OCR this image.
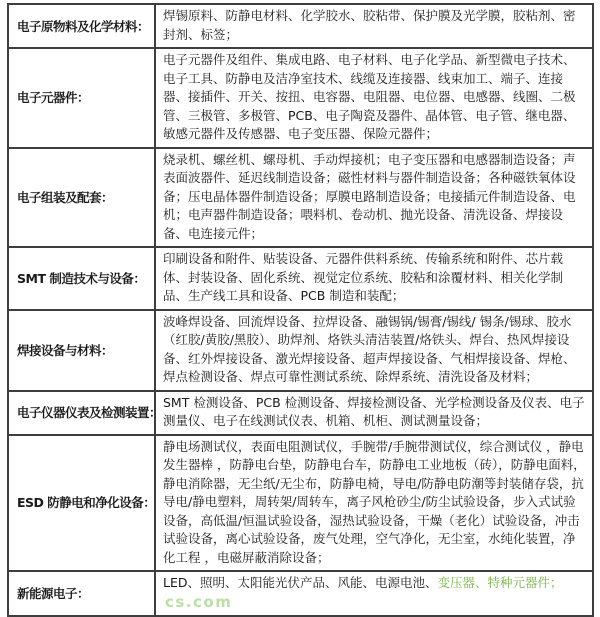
电子原物料及化学材料：	焊锡原料、防静电材料、化学胶水、胶粘带、保护膜及光学膜，胶粘剂、密封剂、标签；
电子元器件：	电子元器件及组件、集成电路、电子材料、电子化学品、新型微电子技术、电子工具、防静电及洁净室技术、线缆及连接器、线束加工、端子、连接器、接插件、开关、按扭、电容器、电阻器、电位器、电感器、线圈、二极管、三极管、多极管、PCB、电子陶瓷及器件、晶体管、电子管、继电器、敏感元器件及传感器、电子变压器、保险元器件；
电子组装及配套：	烧录机、螺丝机、螺母机、手动焊接机；电子变压器和电感器制造设备；声表面波器件、延迟线制造设备；磁性材料与器件制造设备；各种磁铁氧体设备；压电晶体器件制造设备；厚膜电路制造设备；电接插元件制造设备、电机；电声器件制造设备；喂料机、卷动机、抛光设备、清洗设备、焊接设备、电连接元件；
SMT 制造技术与设备：	印刷设备和附件、贴装设备、元器件供料系统、传输系统和附件、芯片载体、封装设备、固化系统、视觉定位系统、胶粘和涂覆材料、相关化学制品、生产线工具和设备、PCB 制造和装配；
焊接设备与材料：	波峰焊设备、回流焊设备、拉焊设备、融锡锅/锡膏/锡线/ 锡条/锡球、胶水（红胶/黄胶/黑胶）、助焊剂、烙铁头清洁装置/烙铁头、焊台、热风焊接设备、红外焊接设备、激光焊接设备、超声焊接设备、气相焊接设备、焊枪、焊点检测设备、焊点可靠性测试系统、除焊系统、清洗设备及材料；
电子仪器仪表及检测装置：	SMT 检测设备、PCB 检测设备、焊接检测设备、光学检测设备及仪表、电子测量仪、电子在线测试仪表、机箱、机柜、测试测量设备；
ESD 防静电和净化设备：	静电场测试仪，表面电阻测试仪，手腕带/手腕带测试仪，综合测试仪 ，静电发生器棒 ，防静电台垫，防静电台车，防静电工业地板（砖），防静电面料，静电消除器，无尘纸/无尘布，防静电椅，导电/防静电防潮等封装储存袋，抗导电/静电塑料，周转架/周转车，离子风枪砂尘/防尘试验设备，步入式试验设备，高低温/恒温试验设备，湿热试验设备，干燥（老化）试验设备，冲击试验设备，离心试验设备，废气处理，空气净化，无尘室，水纯化装置，净化工程 ，电磁屏蔽消除设备；
新能源电子：	LED、照明、太阳能光伏产品、风能、电源电池、变压器、特种元器件；cs.com
